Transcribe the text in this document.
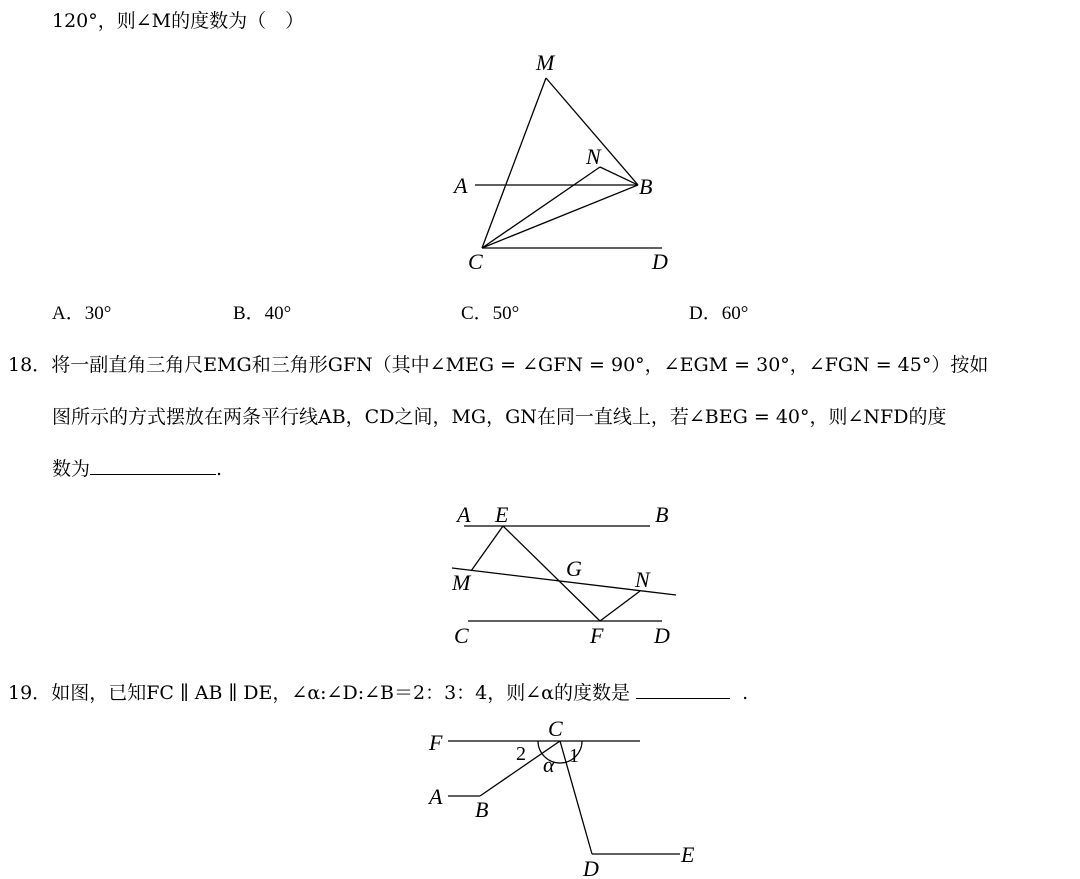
120°，则∠M的度数为（　）
M
N
A	B
C	D
A．30°	B．40°	C．50°	D．60°
18．将一副直角三角尺EMG和三角形GFN（其中∠MEG = ∠GFN = 90°，∠EGM = 30°，∠FGN = 45°）按如
图所示的方式摆放在两条平行线AB，CD之间，MG，GN在同一直线上，若∠BEG = 40°，则∠NFD的度
数为	.
A E	B
M
G N
C	F D
19．如图，已知FC ∥ AB ∥ DE，∠α:∠D:∠B＝2：3：4，则∠α的度数是	.
F
C
2 1
α
A
B
D
E
